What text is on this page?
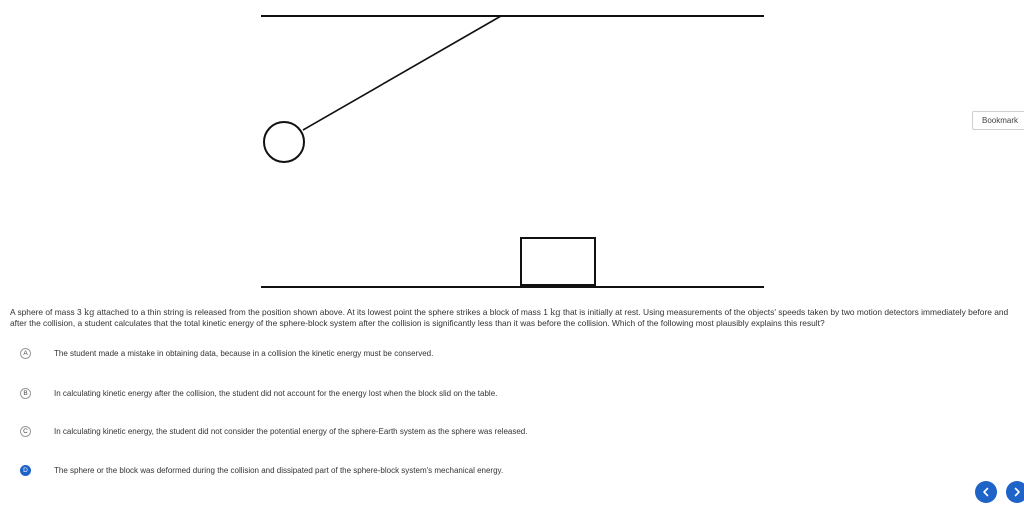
Bookmark
A sphere of mass 3 kg attached to a thin string is released from the position shown above. At its lowest point the sphere strikes a block of mass 1 kg that is initially at rest. Using measurements of the objects' speeds taken by two motion detectors immediately before and after the collision, a student calculates that the total kinetic energy of the sphere-block system after the collision is significantly less than it was before the collision. Which of the following most plausibly explains this result?
A	The student made a mistake in obtaining data, because in a collision the kinetic energy must be conserved.
B	In calculating kinetic energy after the collision, the student did not account for the energy lost when the block slid on the table.
C	In calculating kinetic energy, the student did not consider the potential energy of the sphere-Earth system as the sphere was released.
D	The sphere or the block was deformed during the collision and dissipated part of the sphere-block system's mechanical energy.
